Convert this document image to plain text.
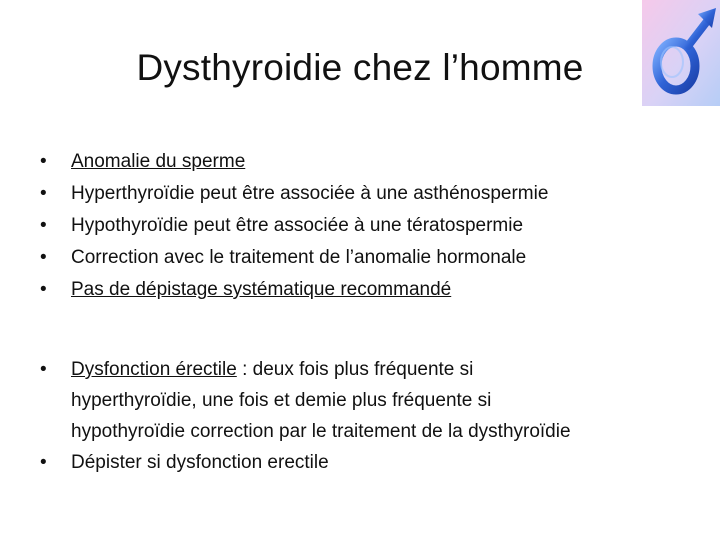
Dysthyroidie chez l’homme
• Anomalie du sperme
• Hyperthyroïdie peut être associée à une asthénospermie
• Hypothyroïdie peut être associée à une tératospermie
• Correction avec le traitement de l’anomalie hormonale
• Pas de dépistage systématique recommandé
• Dysfonction érectile : deux fois plus fréquente si
hyperthyroïdie, une fois et demie plus fréquente si
hypothyroïdie correction par le traitement de la dysthyroïdie
• Dépister si dysfonction erectile
